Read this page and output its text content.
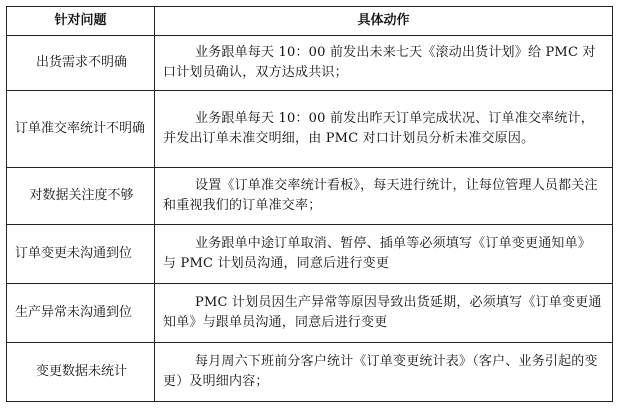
针对问题	具体动作
出货需求不明确	业务跟单每天 10：00 前发出未来七天《滚动出货计划》给 PMC 对口计划员确认，双方达成共识；
订单准交率统计不明确	业务跟单每天 10：00 前发出昨天订单完成状况、订单准交率统计，并发出订单未准交明细，由 PMC 对口计划员分析未准交原因。
对数据关注度不够	设置《订单准交率统计看板》，每天进行统计，让每位管理人员都关注和重视我们的订单准交率；
订单变更未沟通到位	业务跟单中途订单取消、暂停、插单等必须填写《订单变更通知单》与 PMC 计划员沟通，同意后进行变更
生产异常未沟通到位	PMC 计划员因生产异常等原因导致出货延期，必须填写《订单变更通知单》与跟单员沟通，同意后进行变更
变更数据未统计	每月周六下班前分客户统计《订单变更统计表》（客户、业务引起的变更）及明细内容；
